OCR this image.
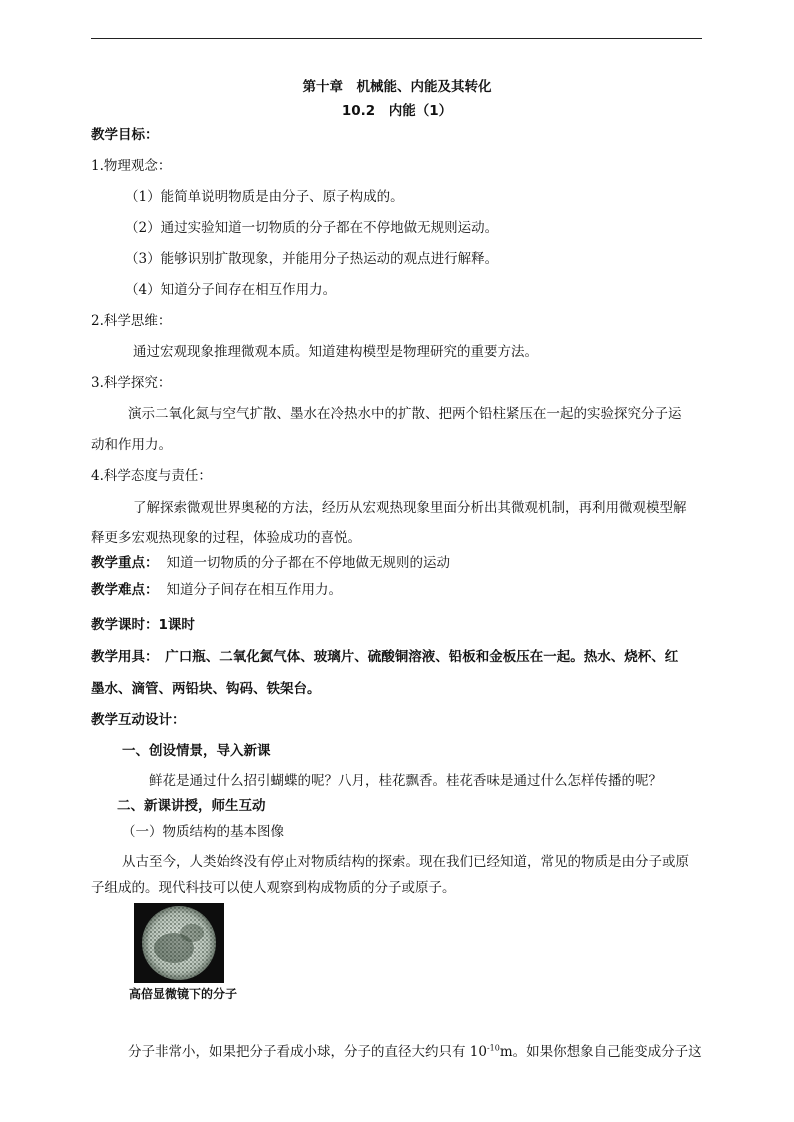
第十章　机械能、内能及其转化
10.2　内能（1）
教学目标：
1.物理观念：
（1）能简单说明物质是由分子、原子构成的。
（2）通过实验知道一切物质的分子都在不停地做无规则运动。
（3）能够识别扩散现象，并能用分子热运动的观点进行解释。
（4）知道分子间存在相互作用力。
2.科学思维：
通过宏观现象推理微观本质。知道建构模型是物理研究的重要方法。
3.科学探究：
演示二氧化氮与空气扩散、墨水在冷热水中的扩散、把两个铅柱紧压在一起的实验探究分子运
动和作用力。
4.科学态度与责任：
了解探索微观世界奥秘的方法，经历从宏观热现象里面分析出其微观机制，再利用微观模型解
释更多宏观热现象的过程，体验成功的喜悦。
教学重点： 知道一切物质的分子都在不停地做无规则的运动
教学难点： 知道分子间存在相互作用力。
教学课时：1课时
教学用具：　广口瓶、二氧化氮气体、玻璃片、硫酸铜溶液、铅板和金板压在一起。热水、烧杯、红
墨水、滴管、两铅块、钩码、铁架台。
教学互动设计：
一、创设情景，导入新课
鲜花是通过什么招引蝴蝶的呢？八月，桂花飘香。桂花香味是通过什么怎样传播的呢？
二、新课讲授，师生互动
（一）物质结构的基本图像
从古至今，人类始终没有停止对物质结构的探索。现在我们已经知道，常见的物质是由分子或原
子组成的。现代科技可以使人观察到构成物质的分子或原子。
高倍显微镜下的分子
分子非常小，如果把分子看成小球，分子的直径大约只有 $10^{-10}m$。如果你想象自己能变成分子这
